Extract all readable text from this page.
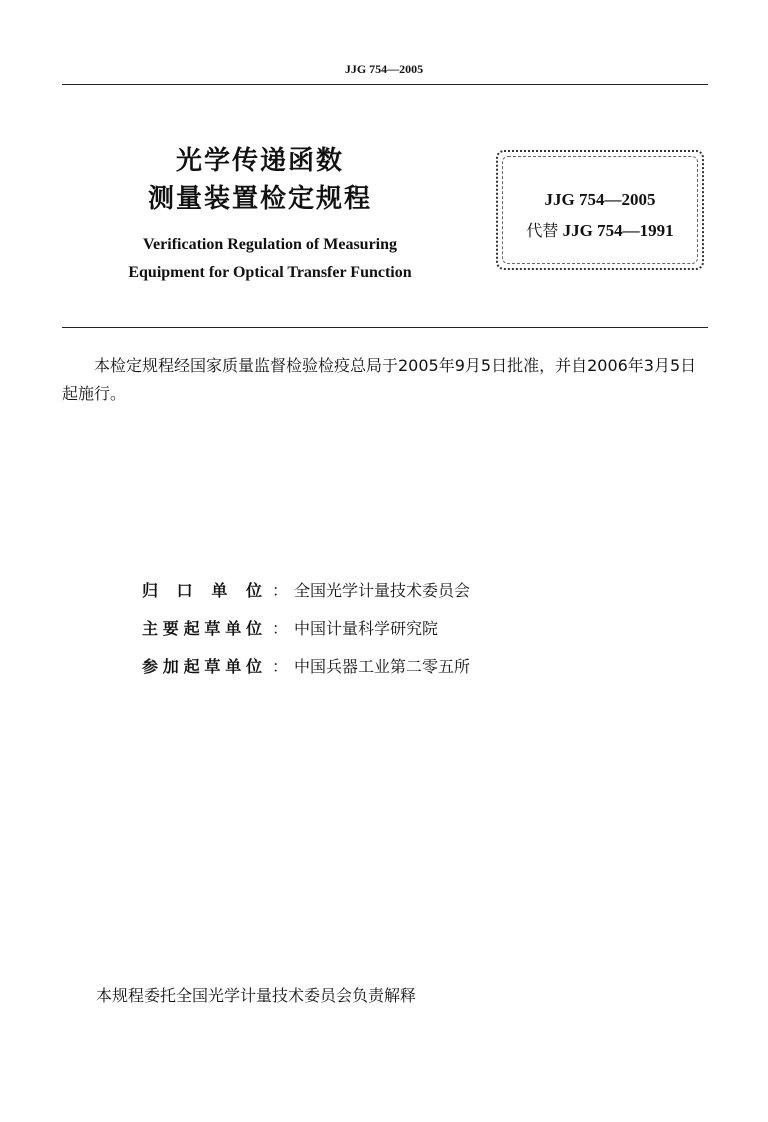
JJG 754—2005
光学传递函数
测量装置检定规程
Verification Regulation of Measuring
Equipment for Optical Transfer Function
JJG 754—2005
代替 JJG 754—1991
本检定规程经国家质量监督检验检疫总局于2005年9月5日批准，并自2006年3月5日起施行。
归 口 单 位 ： 全国光学计量技术委员会
主 要 起 草 单 位 ： 中国计量科学研究院
参 加 起 草 单 位 ： 中国兵器工业第二零五所
本规程委托全国光学计量技术委员会负责解释
